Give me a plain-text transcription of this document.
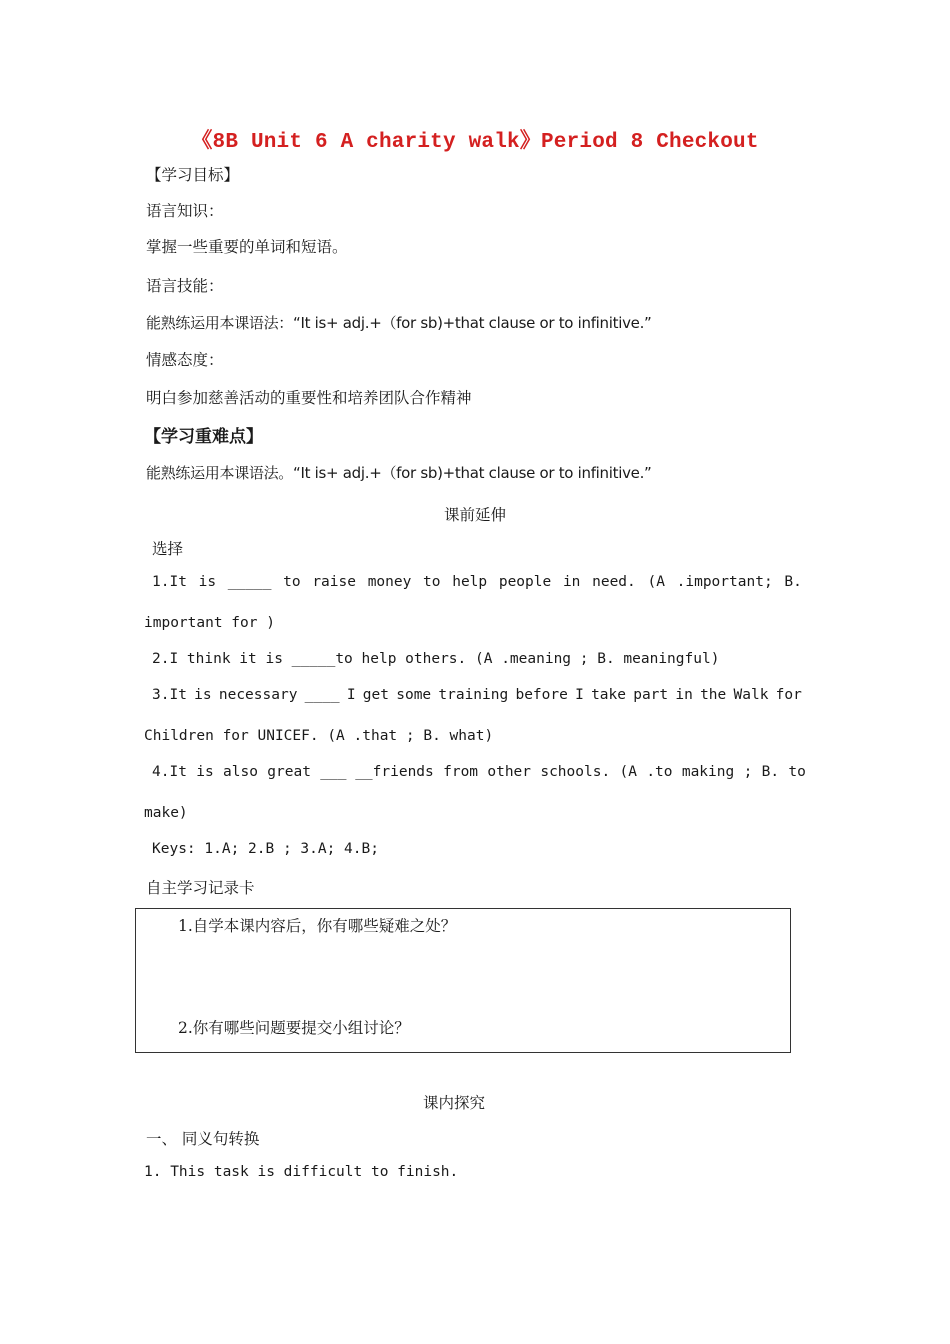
《8B Unit 6 A charity walk》Period 8 Checkout
【学习目标】
语言知识：
掌握一些重要的单词和短语。
语言技能：
能熟练运用本课语法：“It is+ adj.+（for sb)+that clause or to infinitive.”
情感态度：
明白参加慈善活动的重要性和培养团队合作精神
【学习重难点】
能熟练运用本课语法。“It is+ adj.+（for sb)+that clause or to infinitive.”
课前延伸
选择
1.It is _____ to raise money to help people in need. (A .important; B.
important for )
2.I think it is _____to help others. (A .meaning ; B. meaningful)
3.It is necessary ____ I get some training before I take part in the Walk for
Children for UNICEF. (A .that ; B. what)
4.It is also great ___ __friends from other schools. (A .to making ; B. to
make)
Keys: 1.A; 2.B ; 3.A; 4.B;
自主学习记录卡
1.自学本课内容后，你有哪些疑难之处？
2.你有哪些问题要提交小组讨论？
课内探究
一、 同义句转换
1. This task is difficult to finish.
